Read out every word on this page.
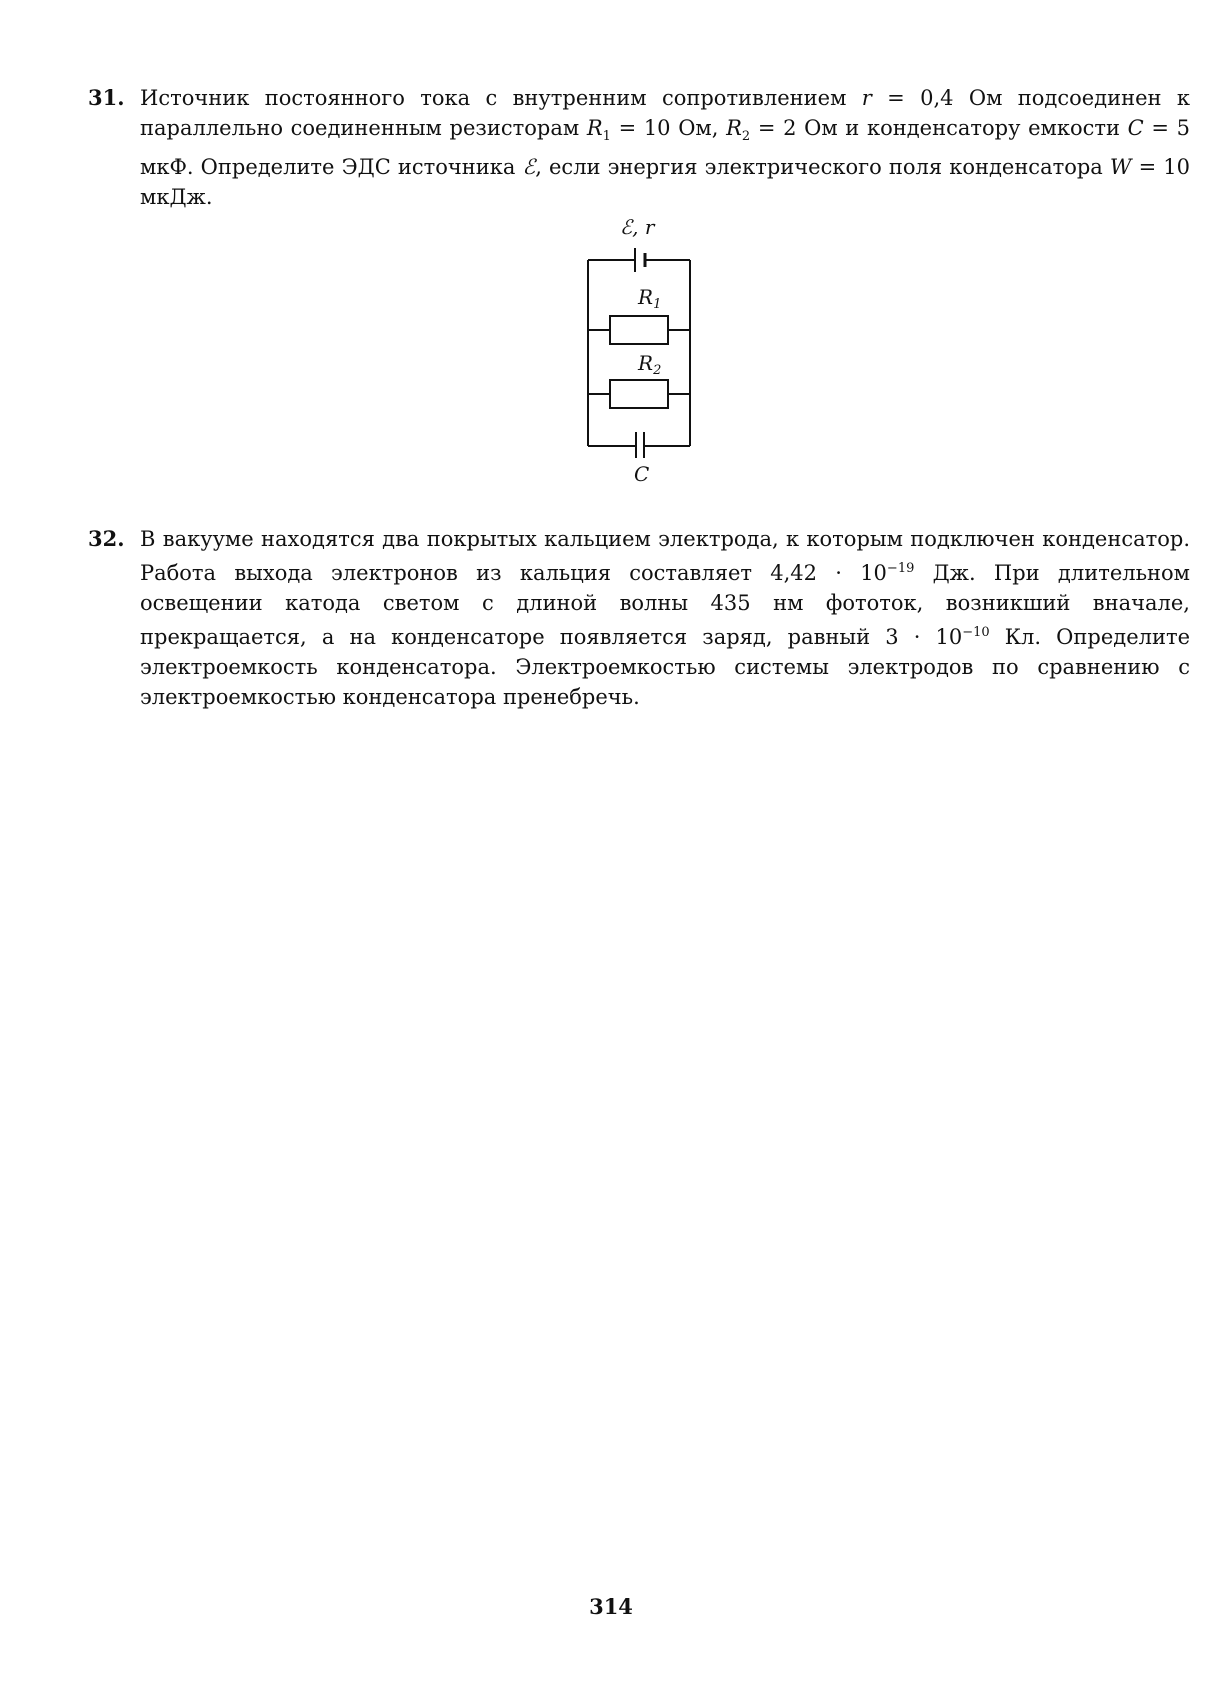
31. Источник постоянного тока с внутренним сопротивлением r = 0,4 Ом подсоединен к параллельно соединенным резисторам $R_1 = 10$ Ом, $R_2 = 2$ Ом и конденсатору емкости C = 5 мкФ. Определите ЭДС источника ℰ, если энергия электрического поля конденсатора W = 10 мкДж.
ℰ, r
$R_1$
$R_2$
C
32. В вакууме находятся два покрытых кальцием электрода, к которым подключен конденсатор. Работа выхода электронов из кальция составляет $4,42 \cdot 10^{-19}$ Дж. При длительном освещении катода светом с длиной волны 435 нм фототок, возникший вначале, прекращается, а на конденсаторе появляется заряд, равный $3 \cdot 10^{-10}$ Кл. Определите электроемкость конденсатора. Электроемкостью системы электродов по сравнению с электроемкостью конденсатора пренебречь.
314
